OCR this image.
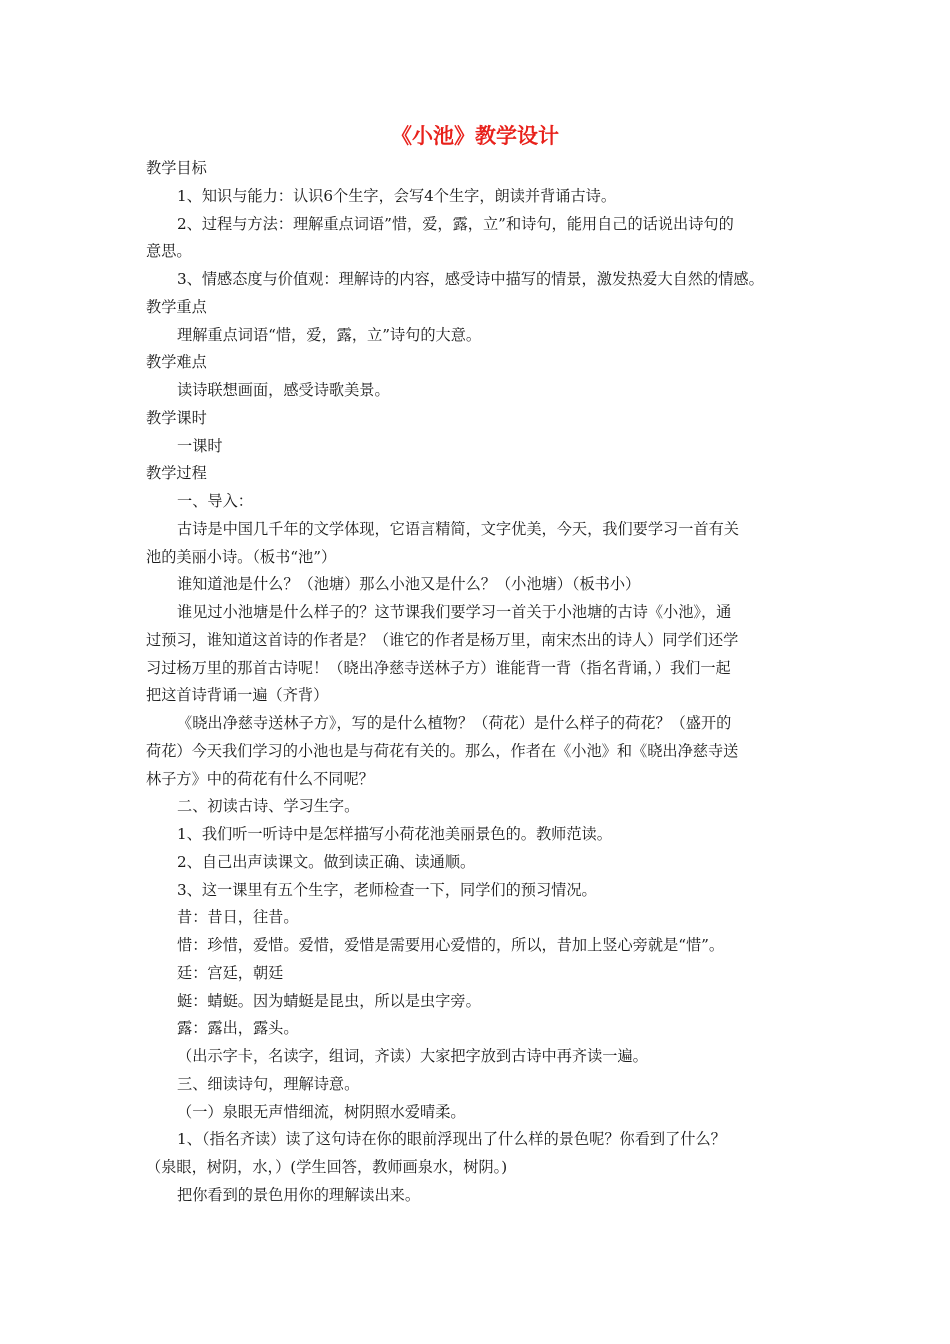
《小池》教学设计
教学目标
1、知识与能力：认识6个生字，会写4个生字，朗读并背诵古诗。
2、过程与方法：理解重点词语”惜，爱，露，立”和诗句，能用自己的话说出诗句的
意思。
3、情感态度与价值观：理解诗的内容，感受诗中描写的情景，激发热爱大自然的情感。
教学重点
理解重点词语“惜，爱，露，立”诗句的大意。
教学难点
读诗联想画面，感受诗歌美景。
教学课时
一课时
教学过程
一、导入：
古诗是中国几千年的文学体现，它语言精简，文字优美，今天，我们要学习一首有关
池的美丽小诗。（板书“池”）
谁知道池是什么？（池塘）那么小池又是什么？（小池塘）（板书小）
谁见过小池塘是什么样子的？这节课我们要学习一首关于小池塘的古诗《小池》，通
过预习，谁知道这首诗的作者是？（谁它的作者是杨万里，南宋杰出的诗人）同学们还学
习过杨万里的那首古诗呢！（晓出净慈寺送林子方）谁能背一背（指名背诵，）我们一起
把这首诗背诵一遍（齐背）
《晓出净慈寺送林子方》，写的是什么植物？（荷花）是什么样子的荷花？（盛开的
荷花）今天我们学习的小池也是与荷花有关的。那么，作者在《小池》和《晓出净慈寺送
林子方》中的荷花有什么不同呢？
二、初读古诗、学习生字。
1、我们听一听诗中是怎样描写小荷花池美丽景色的。教师范读。
2、自己出声读课文。做到读正确、读通顺。
3、这一课里有五个生字，老师检查一下，同学们的预习情况。
昔：昔日，往昔。
惜：珍惜，爱惜。爱惜，爱惜是需要用心爱惜的，所以，昔加上竖心旁就是“惜”。
廷：宫廷，朝廷
蜓：蜻蜓。因为蜻蜓是昆虫，所以是虫字旁。
露：露出，露头。
（出示字卡，名读字，组词，齐读）大家把字放到古诗中再齐读一遍。
三、细读诗句，理解诗意。
（一）泉眼无声惜细流，树阴照水爱晴柔。
1、（指名齐读）读了这句诗在你的眼前浮现出了什么样的景色呢？你看到了什么？
（泉眼，树阴，水，）(学生回答，教师画泉水，树阴。)
把你看到的景色用你的理解读出来。
